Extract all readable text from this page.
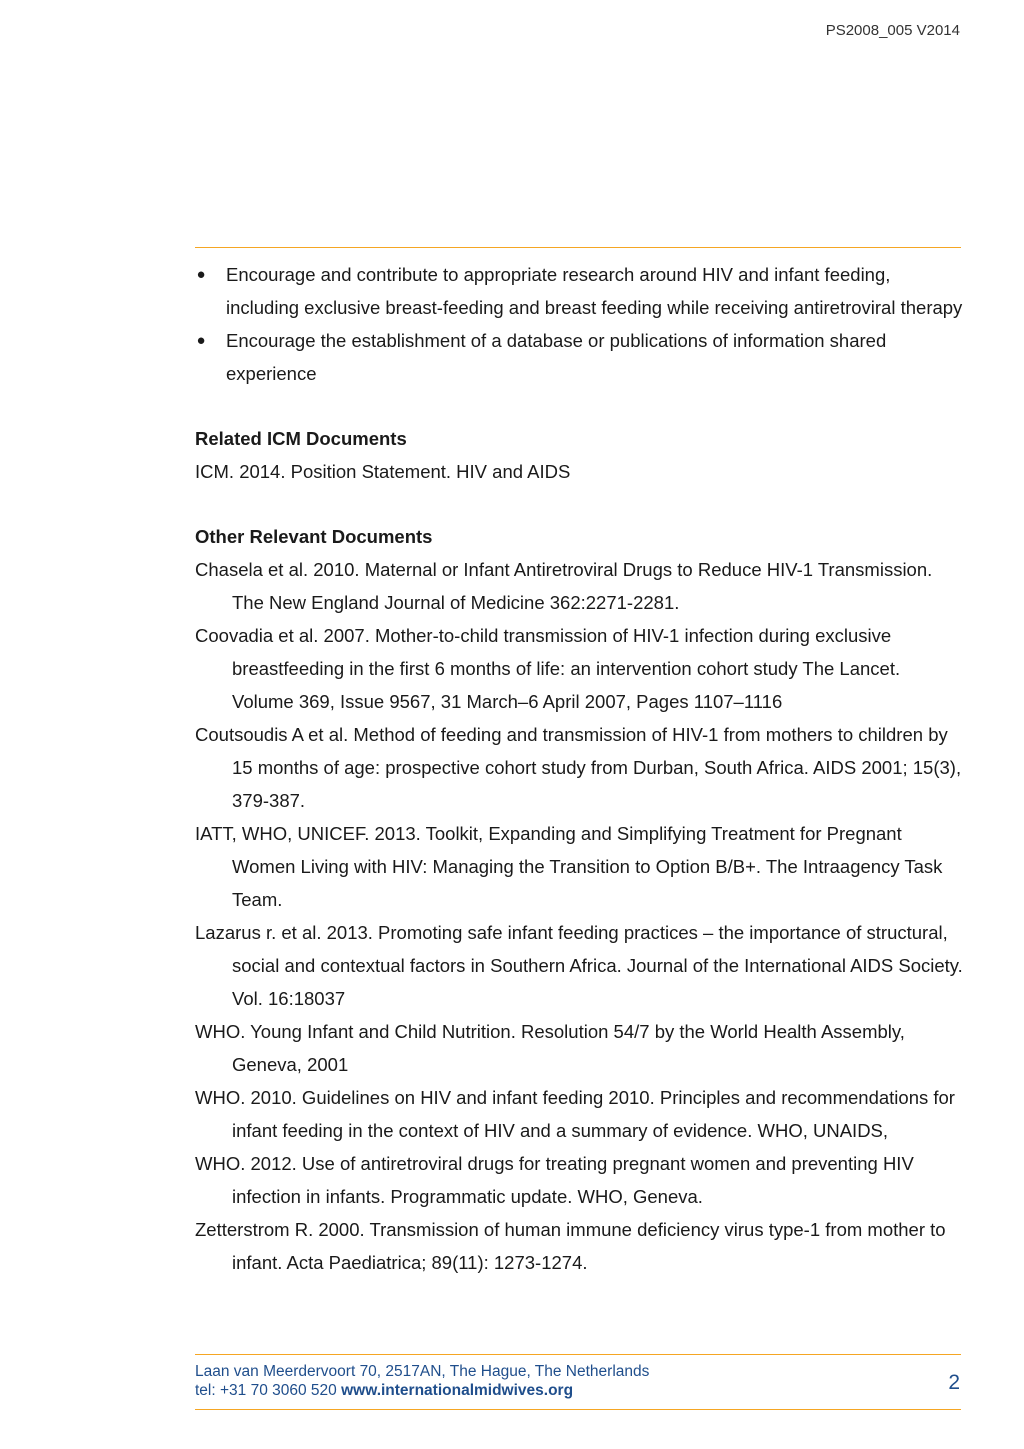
PS2008_005 V2014
● Encourage and contribute to appropriate research around HIV and infant feeding, including exclusive breast-feeding and breast feeding while receiving antiretroviral therapy
● Encourage the establishment of a database or publications of information shared experience

Related ICM Documents

ICM. 2014. Position Statement. HIV and AIDS

Other Relevant Documents

Chasela et al. 2010. Maternal or Infant Antiretroviral Drugs to Reduce HIV-1 Transmission. The New England Journal of Medicine 362:2271-2281.
Coovadia et al. 2007. Mother-to-child transmission of HIV-1 infection during exclusive breastfeeding in the first 6 months of life: an intervention cohort study The Lancet. Volume 369, Issue 9567, 31 March–6 April 2007, Pages 1107–1116
Coutsoudis A et al. Method of feeding and transmission of HIV-1 from mothers to children by 15 months of age: prospective cohort study from Durban, South Africa. AIDS 2001; 15(3), 379-387.
IATT, WHO, UNICEF. 2013. Toolkit, Expanding and Simplifying Treatment for Pregnant Women Living with HIV: Managing the Transition to Option B/B+. The Intraagency Task Team.
Lazarus r. et al. 2013. Promoting safe infant feeding practices – the importance of structural, social and contextual factors in Southern Africa. Journal of the International AIDS Society. Vol. 16:18037
WHO. Young Infant and Child Nutrition. Resolution 54/7 by the World Health Assembly, Geneva, 2001
WHO. 2010. Guidelines on HIV and infant feeding 2010. Principles and recommendations for infant feeding in the context of HIV and a summary of evidence. WHO, UNAIDS,
WHO. 2012. Use of antiretroviral drugs for treating pregnant women and preventing HIV infection in infants. Programmatic update. WHO, Geneva.
Zetterstrom R. 2000. Transmission of human immune deficiency virus type-1 from mother to infant. Acta Paediatrica; 89(11): 1273-1274.
Laan van Meerdervoort 70, 2517AN, The Hague, The Netherlands
tel: +31 70 3060 520 www.internationalmidwives.org	2
